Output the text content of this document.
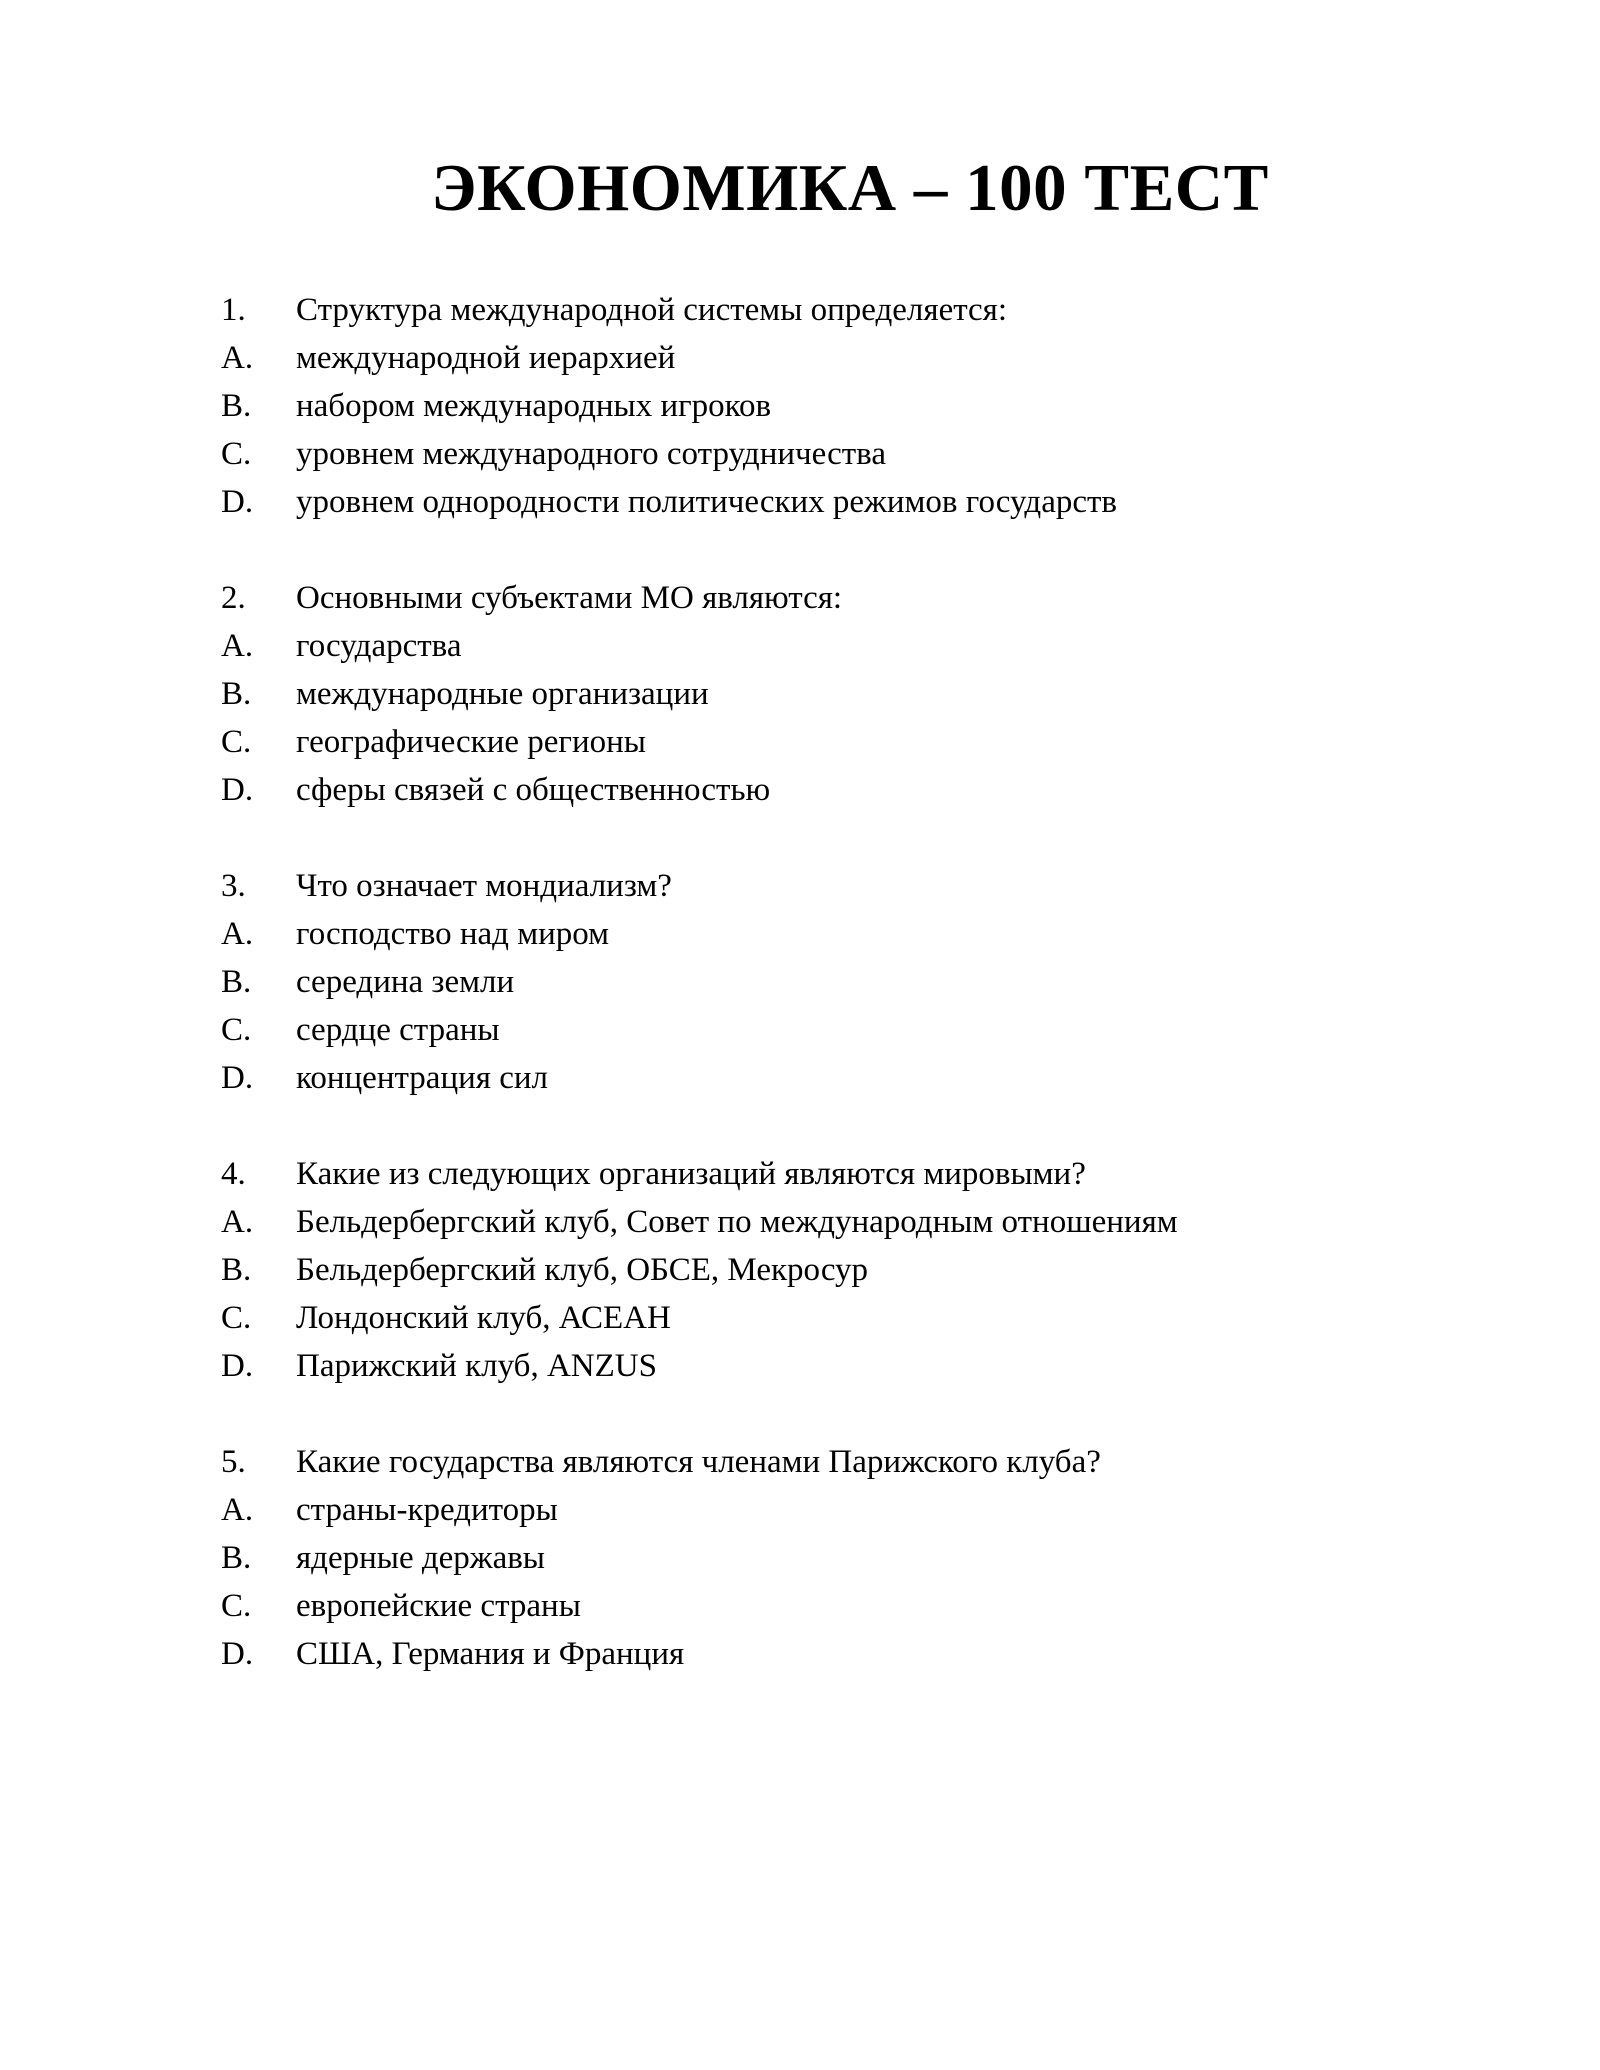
ЭКОНОМИКА – 100 ТЕСТ
1. Структура международной системы определяется:
A. международной иерархией
B. набором международных игроков
C. уровнем международного сотрудничества
D. уровнем однородности политических режимов государств
2. Основными субъектами МО являются:
A. государства
B. международные организации
C. географические регионы
D. сферы связей с общественностью
3. Что означает мондиализм?
A. господство над миром
B. середина земли
C. сердце страны
D. концентрация сил
4. Какие из следующих организаций являются мировыми?
A. Бельдербергский клуб, Совет по международным отношениям
B. Бельдербергский клуб, ОБСЕ, Мекросур
C. Лондонский клуб, АСЕАН
D. Парижский клуб, ANZUS
5. Какие государства являются членами Парижского клуба?
A. страны-кредиторы
B. ядерные державы
C. европейские страны
D. США, Германия и Франция
